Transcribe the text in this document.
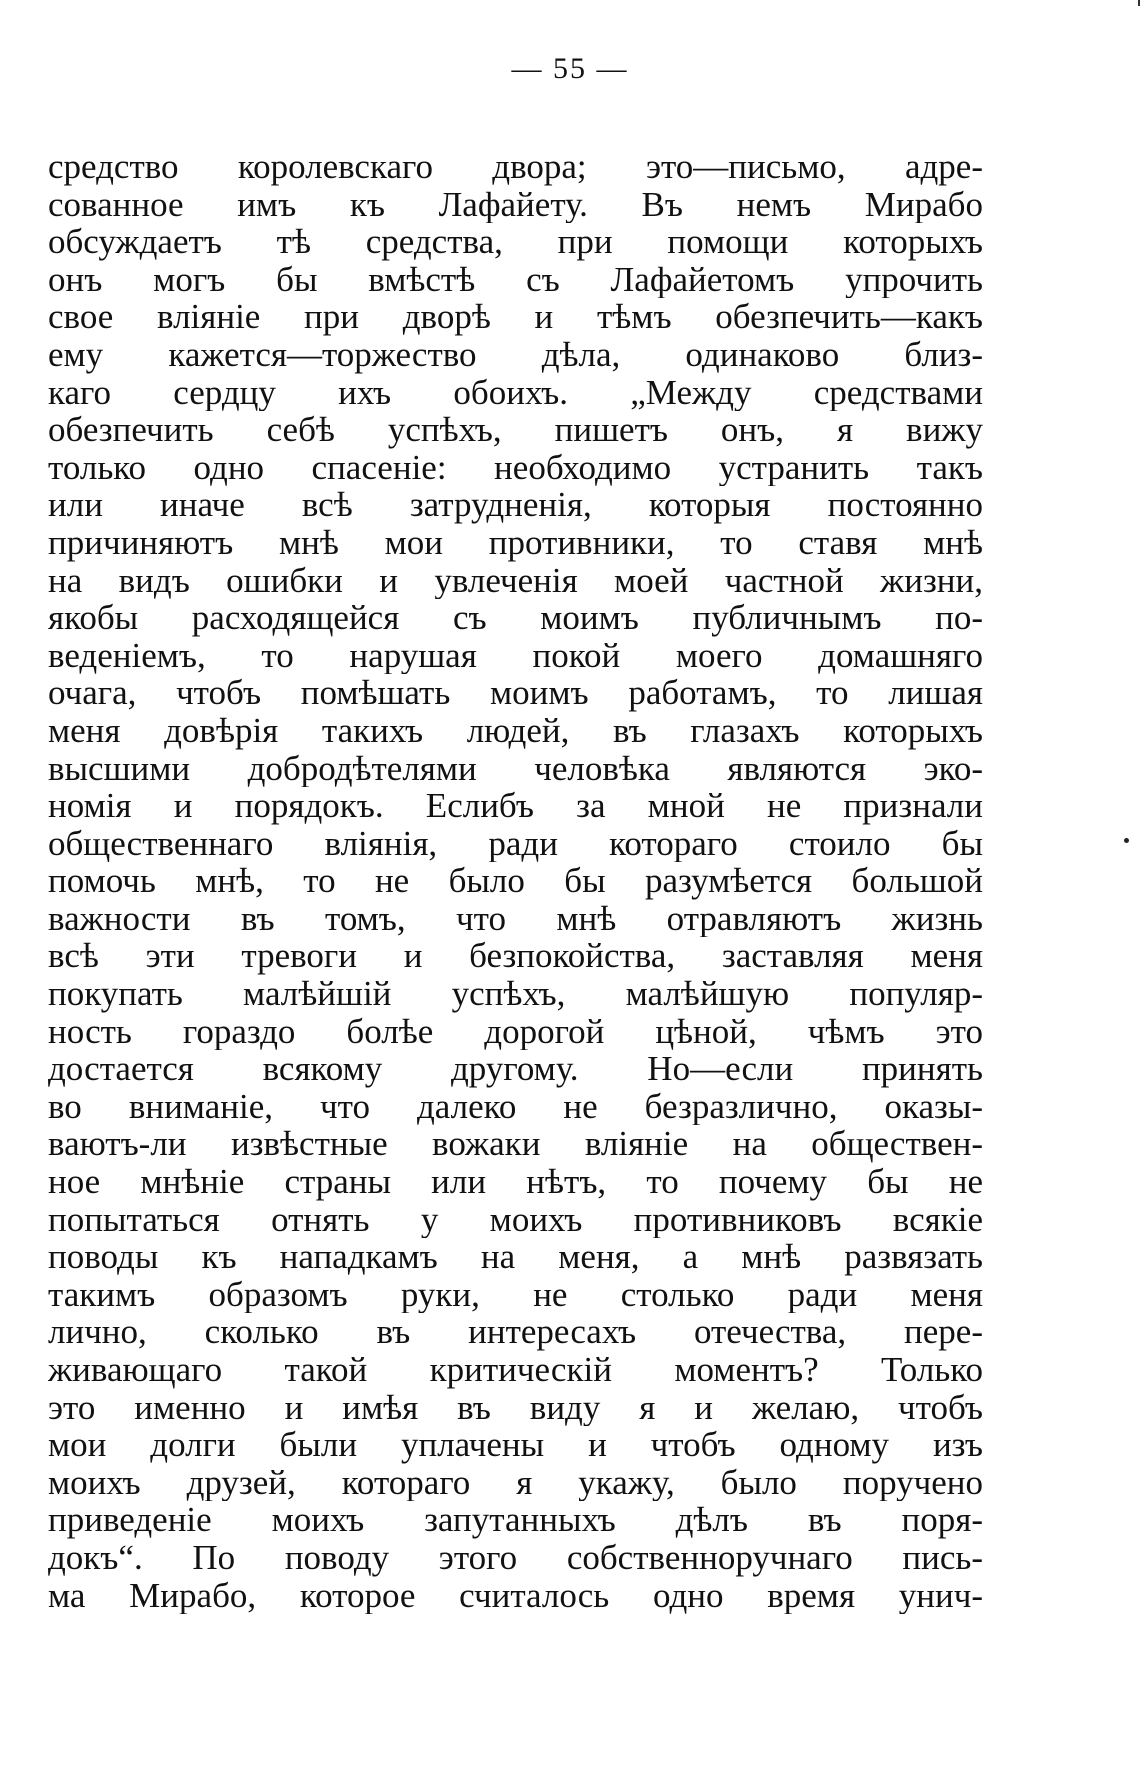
— 55 —
средство королевскаго двора; это—письмо, адре-
сованное имъ къ Лафайету. Въ немъ Мирабо
обсуждаетъ тѣ средства, при помощи которыхъ
онъ могъ бы вмѣстѣ съ Лафайетомъ упрочить
свое вліяніе при дворѣ и тѣмъ обезпечить—какъ
ему кажется—торжество дѣла, одинаково близ-
каго сердцу ихъ обоихъ. „Между средствами
обезпечить себѣ успѣхъ, пишетъ онъ, я вижу
только одно спасеніе: необходимо устранить такъ
или иначе всѣ затрудненія, которыя постоянно
причиняютъ мнѣ мои противники, то ставя мнѣ
на видъ ошибки и увлеченія моей частной жизни,
якобы расходящейся съ моимъ публичнымъ по-
веденіемъ, то нарушая покой моего домашняго
очага, чтобъ помѣшать моимъ работамъ, то лишая
меня довѣрія такихъ людей, въ глазахъ которыхъ
высшими добродѣтелями человѣка являются эко-
номія и порядокъ. Еслибъ за мной не признали
общественнаго вліянія, ради котораго стоило бы
помочь мнѣ, то не было бы разумѣется большой
важности въ томъ, что мнѣ отравляютъ жизнь
всѣ эти тревоги и безпокойства, заставляя меня
покупать малѣйшій успѣхъ, малѣйшую популяр-
ность гораздо болѣе дорогой цѣной, чѣмъ это
достается всякому другому. Но—если принять
во вниманіе, что далеко не безразлично, оказы-
ваютъ-ли извѣстные вожаки вліяніе на обществен-
ное мнѣніе страны или нѣтъ, то почему бы не
попытаться отнять у моихъ противниковъ всякіе
поводы къ нападкамъ на меня, а мнѣ развязать
такимъ образомъ руки, не столько ради меня
лично, сколько въ интересахъ отечества, пере-
живающаго такой критическій моментъ? Только
это именно и имѣя въ виду я и желаю, чтобъ
мои долги были уплачены и чтобъ одному изъ
моихъ друзей, котораго я укажу, было поручено
приведеніе моихъ запутанныхъ дѣлъ въ поря-
докъ“. По поводу этого собственноручнаго пись-
ма Мирабо, которое считалось одно время унич-
